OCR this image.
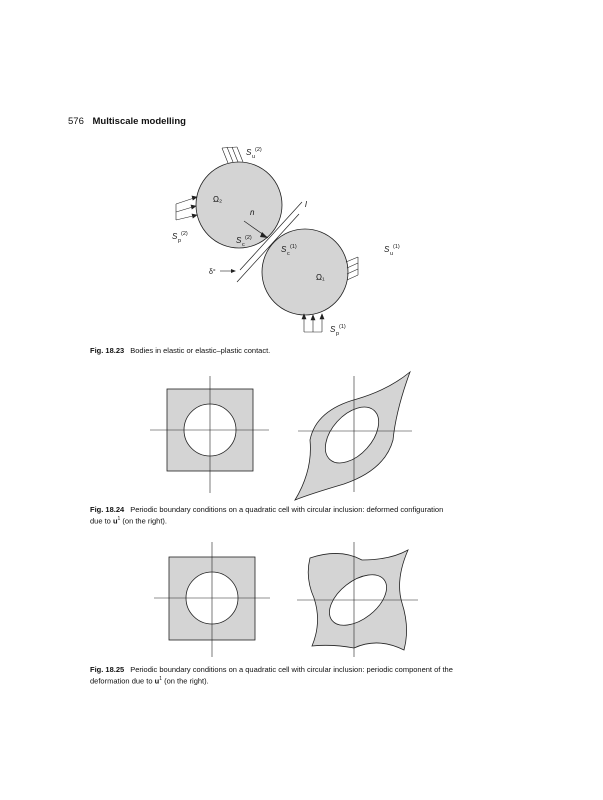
576 Multiscale modelling
Ω₂
Ω₁
n
l
δ°
S u
(2)
S p
(2)
S c
(2)
S c
(1)	S u
(1)
S p
(1)
Fig. 18.23 Bodies in elastic or elastic–plastic contact.
Fig. 18.24 Periodic boundary conditions on a quadratic cell with circular inclusion: deformed configuration
due to $u^1$ (on the right).
Fig. 18.25 Periodic boundary conditions on a quadratic cell with circular inclusion: periodic component of the
deformation due to $u^1$ (on the right).
